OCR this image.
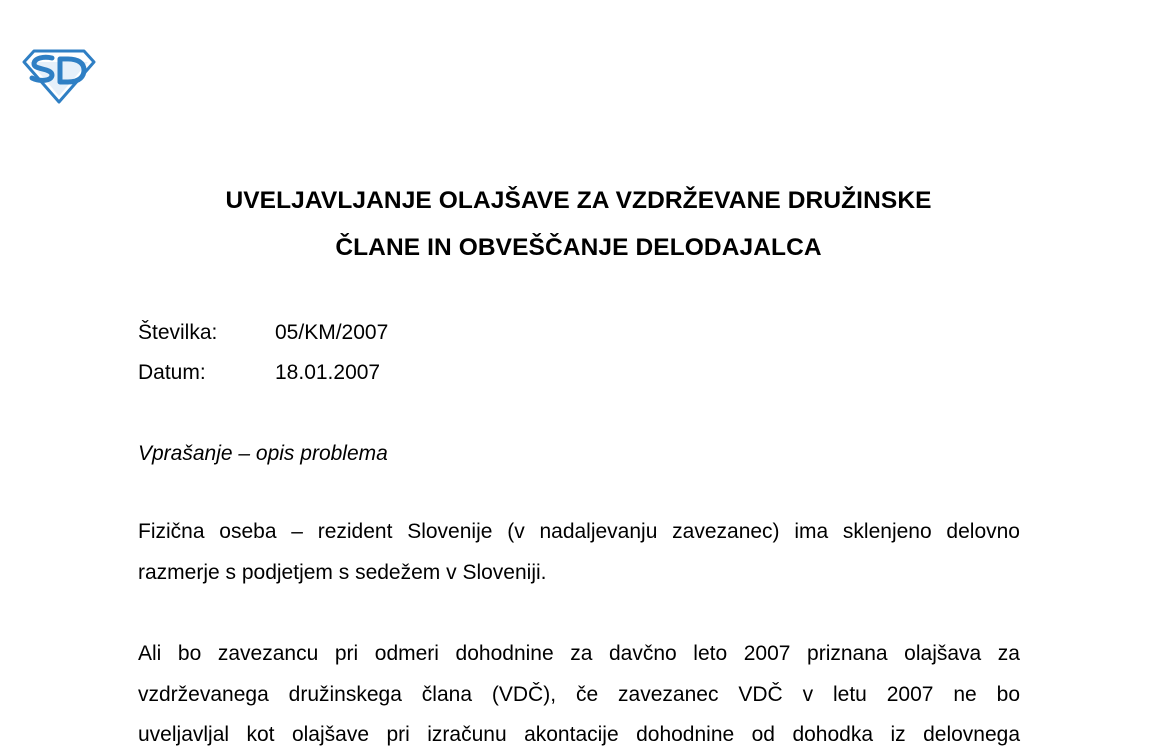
UVELJAVLJANJE OLAJŠAVE ZA VZDRŽEVANE DRUŽINSKE
ČLANE IN OBVEŠČANJE DELODAJALCA
Številka:	05/KM/2007
Datum:	18.01.2007
Vprašanje – opis problema
Fizična oseba – rezident Slovenije (v nadaljevanju zavezanec) ima sklenjeno delovno
razmerje s podjetjem s sedežem v Sloveniji.
Ali bo zavezancu pri odmeri dohodnine za davčno leto 2007 priznana olajšava za
vzdrževanega družinskega člana (VDČ), če zavezanec VDČ v letu 2007 ne bo
uveljavljal kot olajšave pri izračunu akontacije dohodnine od dohodka iz delovnega
